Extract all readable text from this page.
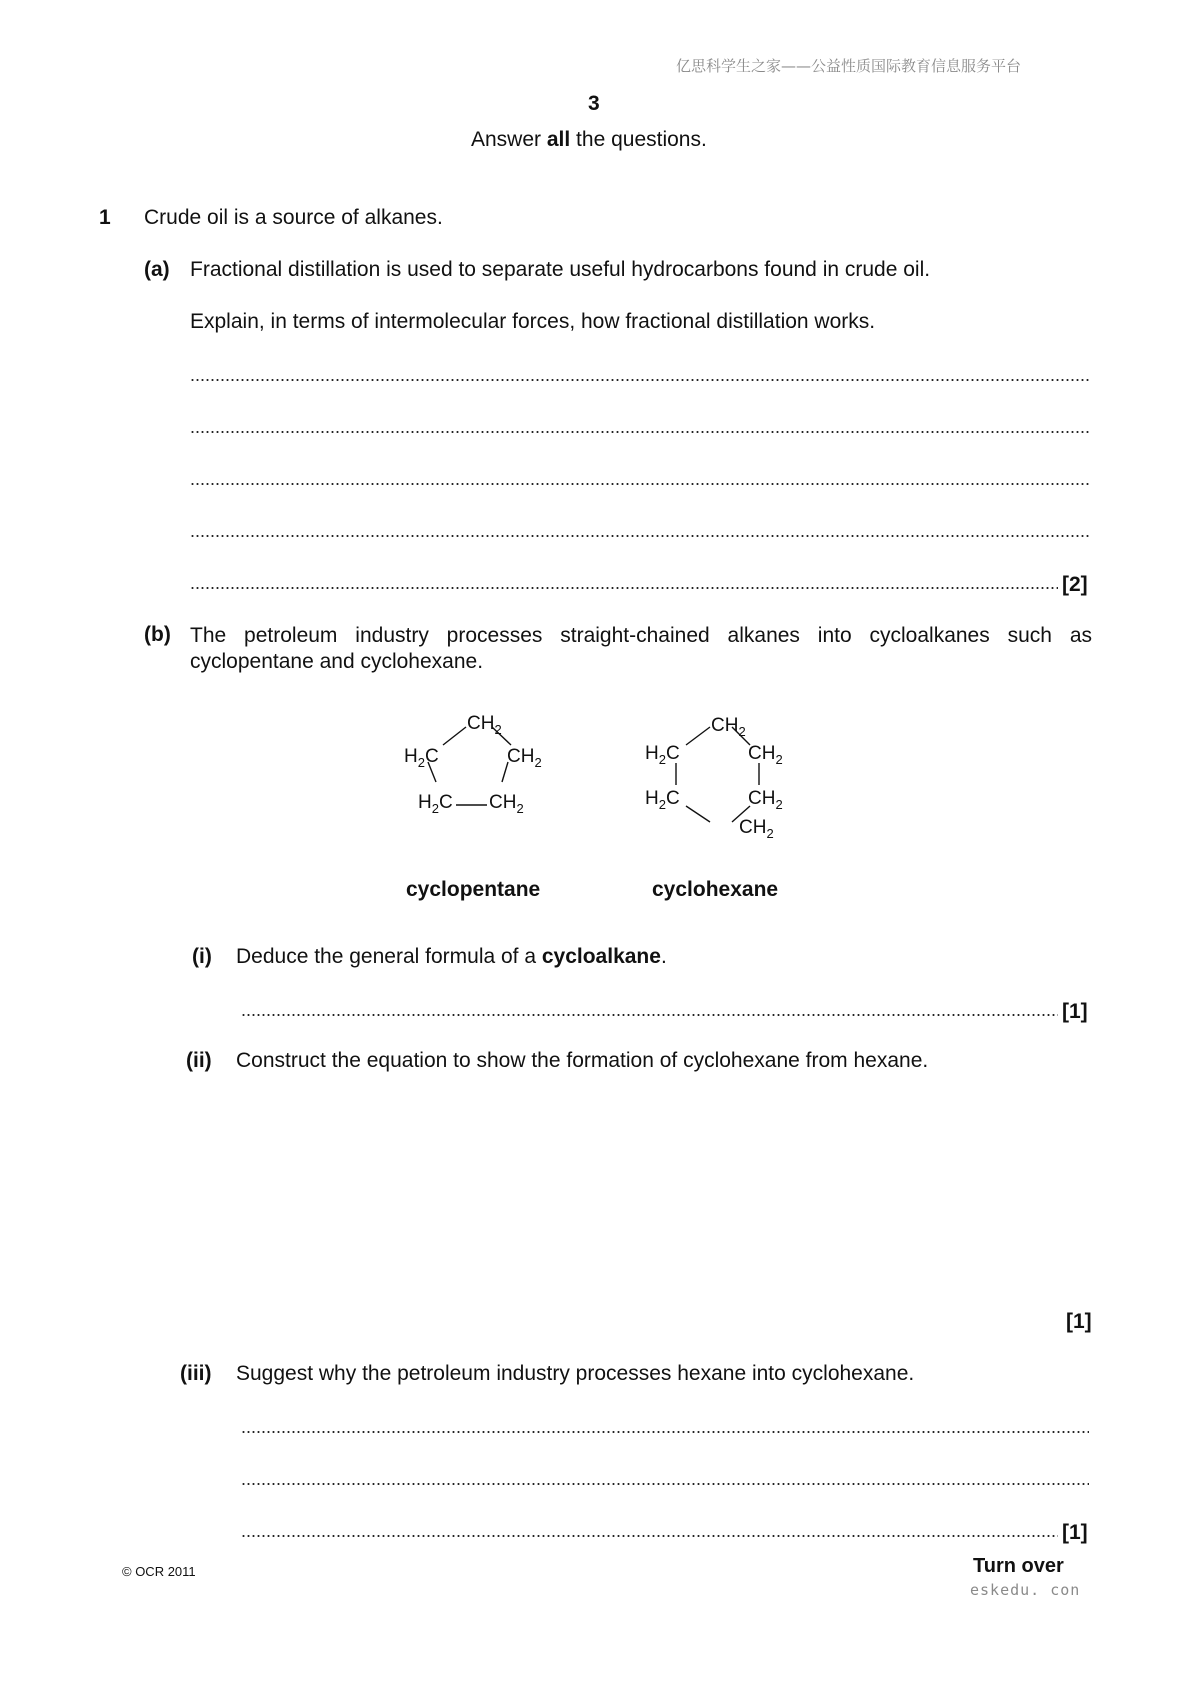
亿思科学生之家——公益性质国际教育信息服务平台
3
Answer all the questions.
1 Crude oil is a source of alkanes.
(a) Fractional distillation is used to separate useful hydrocarbons found in crude oil.
Explain, in terms of intermolecular forces, how fractional distillation works.
[2]
(b) The petroleum industry processes straight-chained alkanes into cycloalkanes such as cyclopentane and cyclohexane.
$CH_2$
$H_2C$	$CH_2$
$H_2C$ $CH_2$
$CH_2$
$H_2C$	$CH_2$
$H_2C$	$CH_2$
$CH_2$
cyclopentane	cyclohexane
(i) Deduce the general formula of a cycloalkane.
[1]
(ii) Construct the equation to show the formation of cyclohexane from hexane.
[1]
(iii) Suggest why the petroleum industry processes hexane into cyclohexane.
[1]
© OCR 2011	Turn over
eskedu. con
